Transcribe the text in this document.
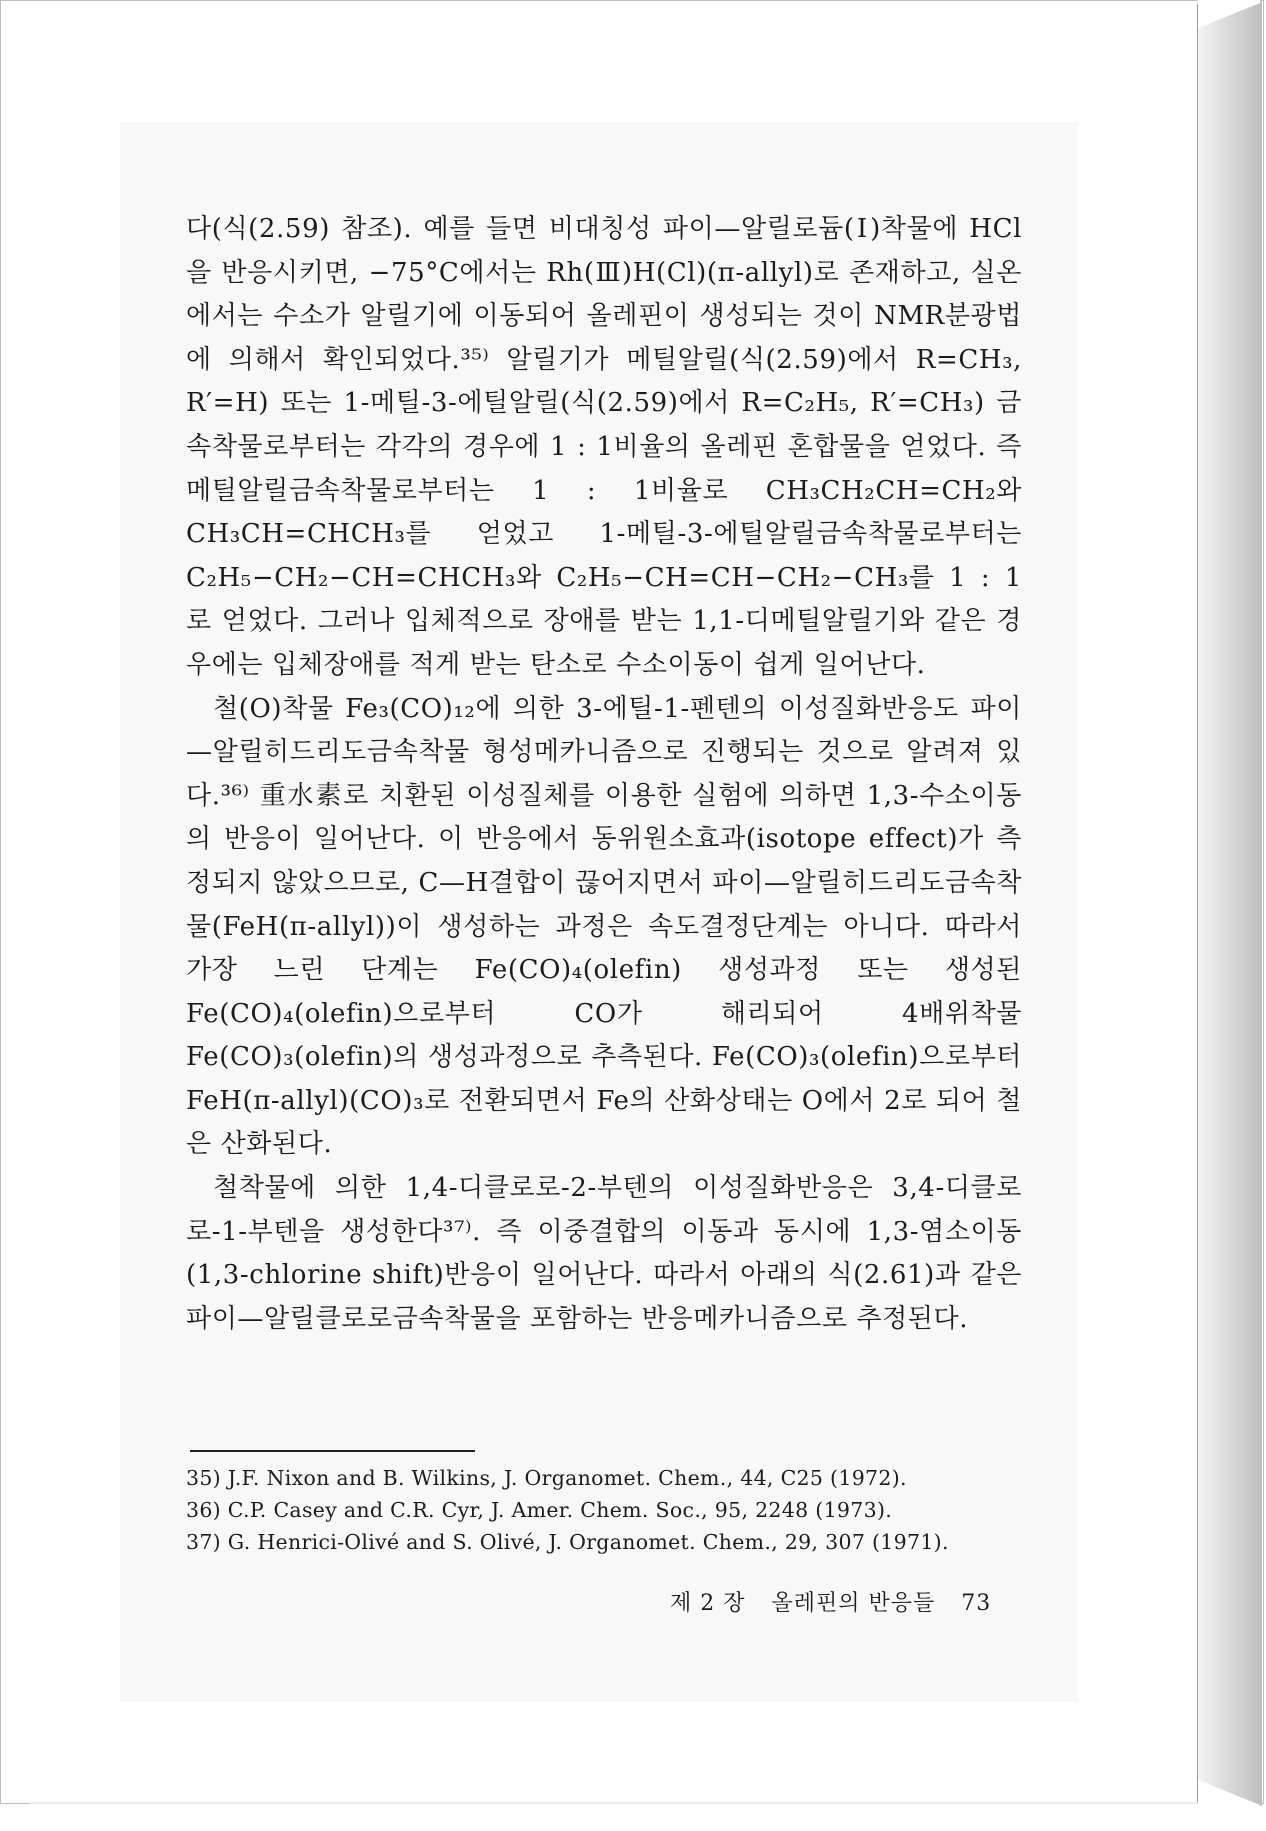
다(식(2.59) 참조). 예를 들면 비대칭성 파이—알릴로듐(Ⅰ)착물에 HCl을 반응시키면, −75°C에서는 Rh(Ⅲ)H(Cl)(π-allyl)로 존재하고, 실온에서는 수소가 알릴기에 이동되어 올레핀이 생성되는 것이 NMR분광법에 의해서 확인되었다.³⁵⁾ 알릴기가 메틸알릴(식(2.59)에서 R=CH₃, R′=H) 또는 1-메틸-3-에틸알릴(식(2.59)에서 R=C₂H₅, R′=CH₃) 금속착물로부터는 각각의 경우에 1 : 1비율의 올레핀 혼합물을 얻었다. 즉 메틸알릴금속착물로부터는 1 : 1비율로 CH₃CH₂CH=CH₂와 CH₃CH=CHCH₃를 얻었고 1-메틸-3-에틸알릴금속착물로부터는 C₂H₅−CH₂−CH=CHCH₃와 C₂H₅−CH=CH−CH₂−CH₃를 1 : 1로 얻었다. 그러나 입체적으로 장애를 받는 1,1-디메틸알릴기와 같은 경우에는 입체장애를 적게 받는 탄소로 수소이동이 쉽게 일어난다.

철(O)착물 Fe₃(CO)₁₂에 의한 3-에틸-1-펜텐의 이성질화반응도 파이—알릴히드리도금속착물 형성메카니즘으로 진행되는 것으로 알려져 있다.³⁶⁾ 重水素로 치환된 이성질체를 이용한 실험에 의하면 1,3-수소이동의 반응이 일어난다. 이 반응에서 동위원소효과(isotope effect)가 측정되지 않았으므로, C—H결합이 끊어지면서 파이—알릴히드리도금속착물(FeH(π-allyl))이 생성하는 과정은 속도결정단계는 아니다. 따라서 가장 느린 단계는 Fe(CO)₄(olefin) 생성과정 또는 생성된 Fe(CO)₄(olefin)으로부터 CO가 해리되어 4배위착물 Fe(CO)₃(olefin)의 생성과정으로 추측된다. Fe(CO)₃(olefin)으로부터 FeH(π-allyl)(CO)₃로 전환되면서 Fe의 산화상태는 O에서 2로 되어 철은 산화된다.

철착물에 의한 1,4-디클로로-2-부텐의 이성질화반응은 3,4-디클로로-1-부텐을 생성한다³⁷⁾. 즉 이중결합의 이동과 동시에 1,3-염소이동(1,3-chlorine shift)반응이 일어난다. 따라서 아래의 식(2.61)과 같은 파이—알릴클로로금속착물을 포함하는 반응메카니즘으로 추정된다.

35) J.F. Nixon and B. Wilkins, J. Organomet. Chem., 44, C25 (1972).

36) C.P. Casey and C.R. Cyr, J. Amer. Chem. Soc., 95, 2248 (1973).

37) G. Henrici-Olivé and S. Olivé, J. Organomet. Chem., 29, 307 (1971).

제 2 장 올레핀의 반응들 73
